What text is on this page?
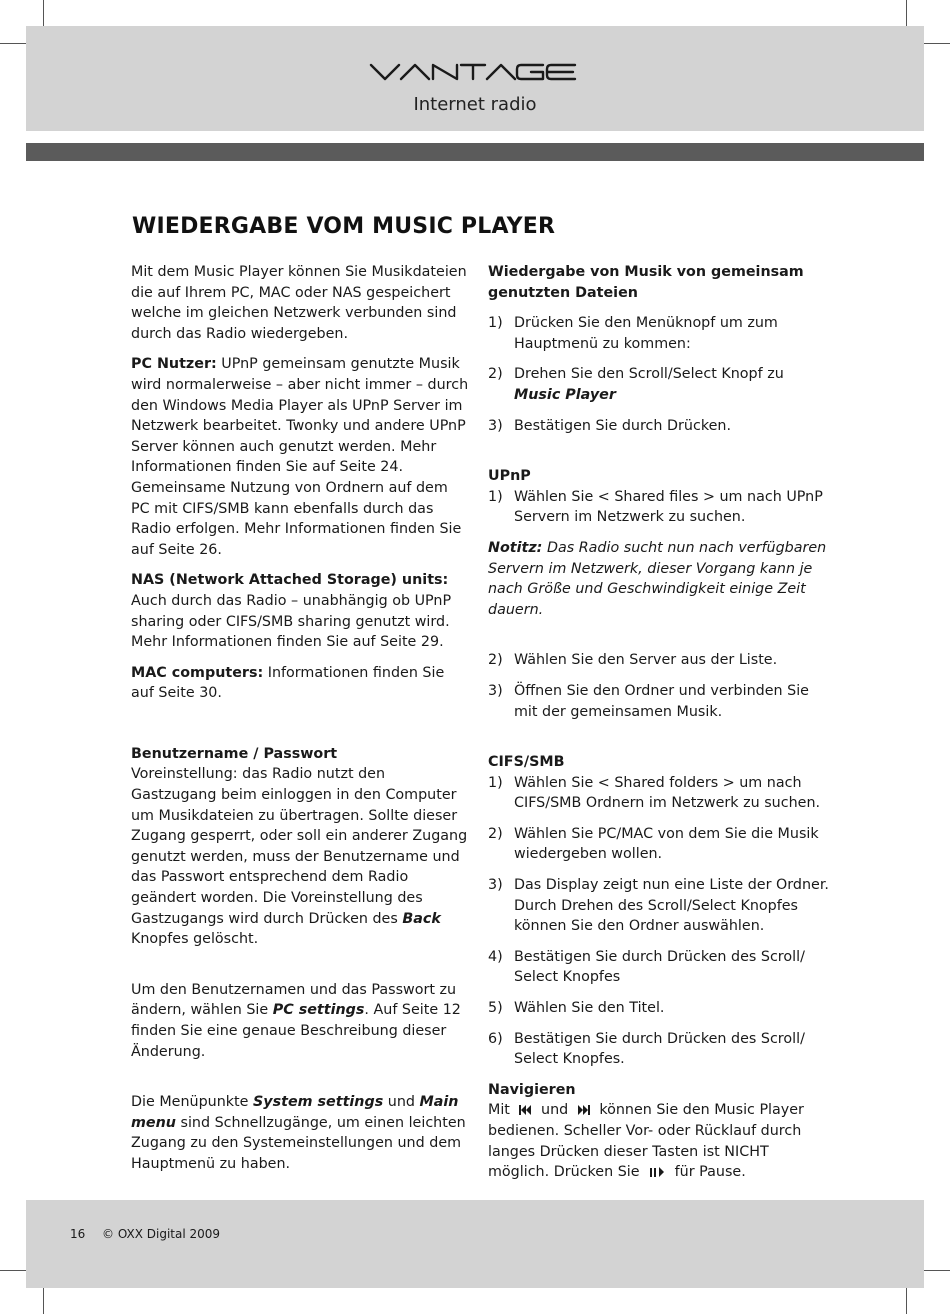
Internet radio
WIEDERGABE VOM MUSIC PLAYER

Mit dem Music Player können Sie Musikdateien die auf Ihrem PC, MAC oder NAS gespeichert welche im gleichen Netzwerk verbunden sind durch das Radio wiedergeben.

PC Nutzer: UPnP gemeinsam genutzte Musik wird normalerweise – aber nicht immer – durch den Windows Media Player als UPnP Server im Netzwerk bearbeitet. Twonky und andere UPnP Server können auch genutzt werden. Mehr Informationen finden Sie auf Seite 24. Gemeinsame Nutzung von Ordnern auf dem PC mit CIFS/SMB kann ebenfalls durch das Radio erfolgen. Mehr Informationen finden Sie auf Seite 26.

NAS (Network Attached Storage) units: Auch durch das Radio – unabhängig ob UPnP sharing oder CIFS/SMB sharing genutzt wird. Mehr Informationen finden Sie auf Seite 29.

MAC computers: Informationen finden Sie auf Seite 30.

Benutzername / Passwort

Voreinstellung: das Radio nutzt den Gastzugang beim einloggen in den Computer um Musikdateien zu übertragen. Sollte dieser Zugang gesperrt, oder soll ein anderer Zugang genutzt werden, muss der Benutzername und das Passwort entsprechend dem Radio geändert worden. Die Voreinstellung des Gastzugangs wird durch Drücken des Back Knopfes gelöscht.

Um den Benutzernamen und das Passwort zu ändern, wählen Sie PC settings. Auf Seite 12 finden Sie eine genaue Beschreibung dieser Änderung.

Die Menüpunkte System settings und Main menu sind Schnellzugänge, um einen leichten Zugang zu den Systemeinstellungen und dem Hauptmenü zu haben.

Wiedergabe von Musik von gemeinsam genutzten Dateien

1) Drücken Sie den Menüknopf um zum Hauptmenü zu kommen:
2) Drehen Sie den Scroll/Select Knopf zu Music Player
3) Bestätigen Sie durch Drücken.

UPnP

1) Wählen Sie < Shared files > um nach UPnP Servern im Netzwerk zu suchen.

Notitz: Das Radio sucht nun nach verfügbaren Servern im Netzwerk, dieser Vorgang kann je nach Größe und Geschwindigkeit einige Zeit dauern.

2) Wählen Sie den Server aus der Liste.
3) Öffnen Sie den Ordner und verbinden Sie mit der gemeinsamen Musik.

CIFS/SMB

1) Wählen Sie < Shared folders > um nach CIFS/SMB Ordnern im Netzwerk zu suchen.
2) Wählen Sie PC/MAC von dem Sie die Musik wiedergeben wollen.
3) Das Display zeigt nun eine Liste der Ordner. Durch Drehen des Scroll/Select Knopfes können Sie den Ordner auswählen.
4) Bestätigen Sie durch Drücken des Scroll/ Select Knopfes
5) Wählen Sie den Titel.
6) Bestätigen Sie durch Drücken des Scroll/ Select Knopfes.

Navigieren

Mit und können Sie den Music Player bedienen. Scheller Vor- oder Rücklauf durch langes Drücken dieser Tasten ist NICHT möglich. Drücken Sie für Pause.

16 © OXX Digital 2009
